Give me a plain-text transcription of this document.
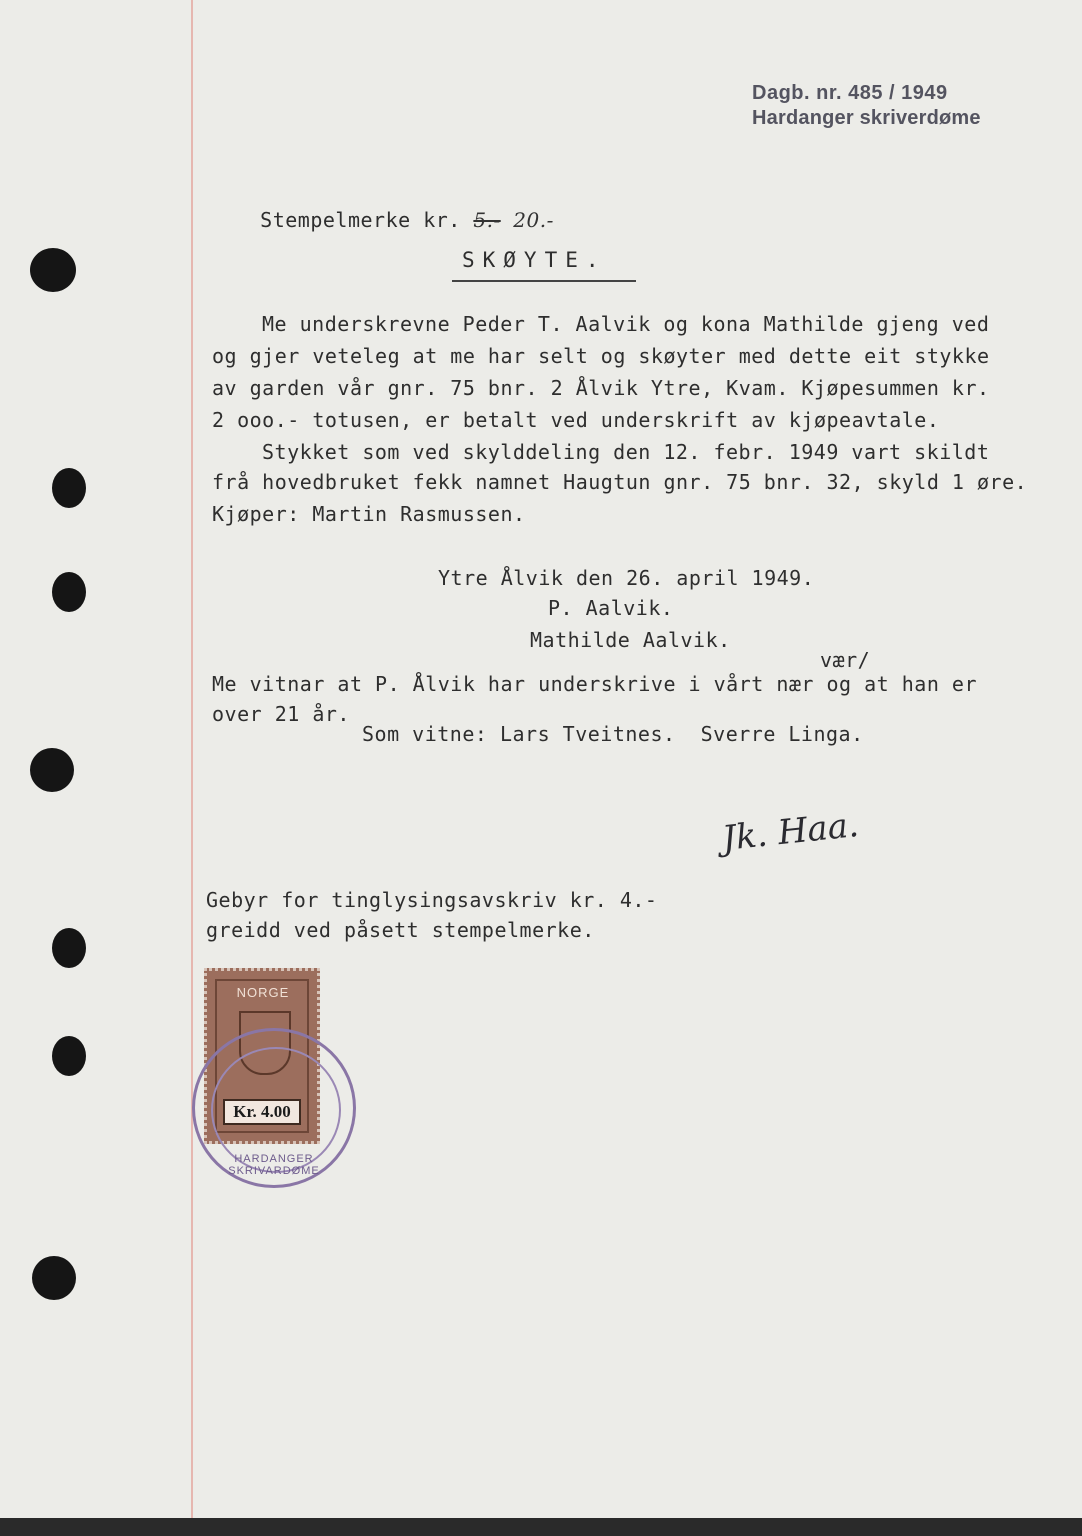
Dagb. nr. 485 / 1949
Hardanger skriverdøme

Stempelmerke kr. 5.- 20.-

SKØYTE.
Me underskrevne Peder T. Aalvik og kona Mathilde gjeng ved
og gjer veteleg at me har selt og skøyter med dette eit stykke
av garden vår gnr. 75 bnr. 2 Ålvik Ytre, Kvam. Kjøpesummen kr.
2 ooo.- totusen, er betalt ved underskrift av kjøpeavtale.
Stykket som ved skylddeling den 12. febr. 1949 vart skildt
frå hovedbruket fekk namnet Haugtun gnr. 75 bnr. 32, skyld 1 øre.
Kjøper: Martin Rasmussen.
Ytre Ålvik den 26. april 1949.
P. Aalvik.
Mathilde Aalvik.
vær/
Me vitnar at P. Ålvik har underskrive i vårt nær og at han er
over 21 år.
Som vitne: Lars Tveitnes.  Sverre Linga.
Jk. Haa.
Gebyr for tinglysingsavskriv kr. 4.-
greidd ved påsett stempelmerke.
NORGE
Kr. 4.00
HARDANGER SKRIVARDØME
